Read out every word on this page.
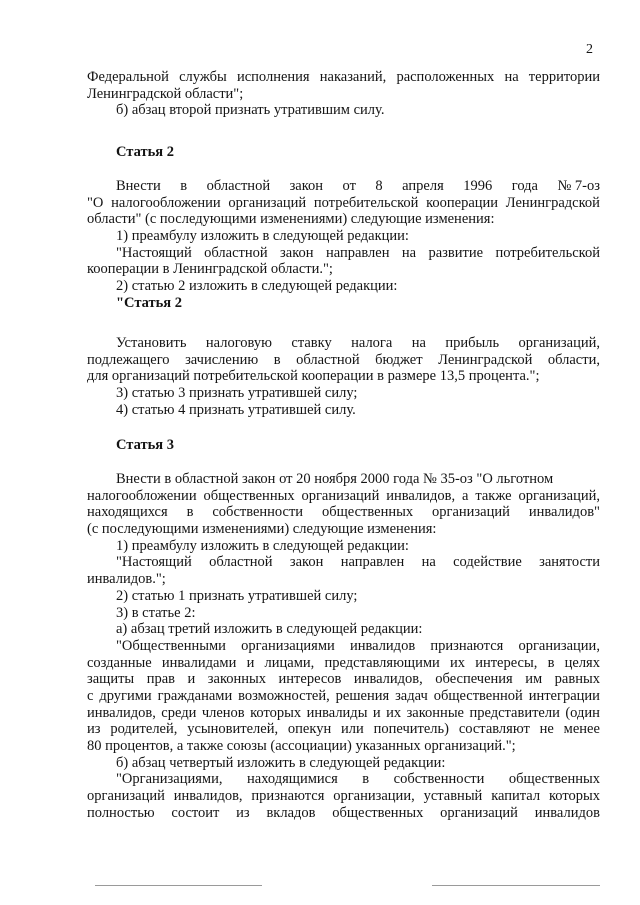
2
Федеральной службы исполнения наказаний, расположенных на территории
Ленинградской области";
б) абзац второй признать утратившим силу.
Статья 2
Внести в областной закон от 8 апреля 1996 года № 7-оз
"О налогообложении организаций потребительской кооперации Ленинградской
области" (с последующими изменениями) следующие изменения:
1) преамбулу изложить в следующей редакции:
"Настоящий областной закон направлен на развитие потребительской
кооперации в Ленинградской области.";
2) статью 2 изложить в следующей редакции:
"Статья 2
Установить налоговую ставку налога на прибыль организаций,
подлежащего зачислению в областной бюджет Ленинградской области,
для организаций потребительской кооперации в размере 13,5 процента.";
3) статью 3 признать утратившей силу;
4) статью 4 признать утратившей силу.
Статья 3
Внести в областной закон от 20 ноября 2000 года № 35-оз "О льготном
налогообложении общественных организаций инвалидов, а также организаций,
находящихся в собственности общественных организаций инвалидов"
(с последующими изменениями) следующие изменения:
1) преамбулу изложить в следующей редакции:
"Настоящий областной закон направлен на содействие занятости
инвалидов.";
2) статью 1 признать утратившей силу;
3) в статье 2:
а) абзац третий изложить в следующей редакции:
"Общественными организациями инвалидов признаются организации,
созданные инвалидами и лицами, представляющими их интересы, в целях
защиты прав и законных интересов инвалидов, обеспечения им равных
с другими гражданами возможностей, решения задач общественной интеграции
инвалидов, среди членов которых инвалиды и их законные представители (один
из родителей, усыновителей, опекун или попечитель) составляют не менее
80 процентов, а также союзы (ассоциации) указанных организаций.";
б) абзац четвертый изложить в следующей редакции:
"Организациями, находящимися в собственности общественных
организаций инвалидов, признаются организации, уставный капитал которых
полностью состоит из вкладов общественных организаций инвалидов
